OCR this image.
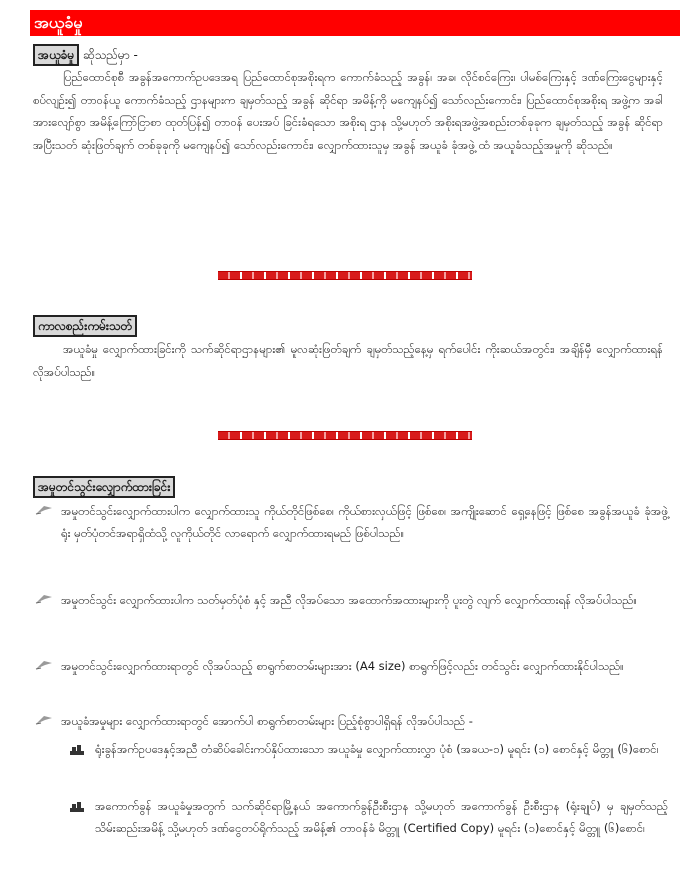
အယူခံမှု
အယူခံမှု ဆိုသည်မှာ -
ပြည်ထောင်စုစီ အခွန်အကောက်ဥပဒေအရ ပြည်ထောင်စုအစိုးရက ကောက်ခံသည့် အခွန်၊ အခ၊ လိုင်စင်ကြေး၊ ပါမစ်ကြေးနှင့် ဒဏ်ကြေးငွေများနှင့် စပ်လျဉ်း၍ တာဝန်ယူ ကောက်ခံသည့် ဌာနများက ချမှတ်သည့် အခွန် ဆိုင်ရာ အမိန့်ကို မကျေနပ်၍ သော်လည်းကောင်း၊ ပြည်ထောင်စုအစိုးရ အဖွဲ့က အခါအားလျော်စွာ အမိန့်ကြော်ငြာစာ ထုတ်ပြန်၍ တာဝန် ပေးအပ် ခြင်းခံရသော အစိုးရ ဌာန သို့မဟုတ် အစိုးရအဖွဲ့အစည်းတစ်ခုခုက ချမှတ်သည့် အခွန် ဆိုင်ရာ အပြီးသတ် ဆုံးဖြတ်ချက် တစ်ခုခုကို မကျေနပ်၍ သော်လည်းကောင်း၊ လျှောက်ထားသူမှ အခွန် အယူခံ ခုံအဖွဲ့ ထံ အယူခံသည့်အမှုကို ဆိုသည်။
ကာလစည်းကမ်းသတ်
အယူခံမှု လျှောက်ထားခြင်းကို သက်ဆိုင်ရာဌာနများ၏ မူလဆုံးဖြတ်ချက် ချမှတ်သည့်နေ့မှ ရက်ပေါင်း ကိုးဆယ်အတွင်း၊ အချိန်မှီ လျှောက်ထားရန် လိုအပ်ပါသည်။
အမှုတင်သွင်းလျှောက်ထားခြင်း
အမှုတင်သွင်းလျှောက်ထားပါက လျှောက်ထားသူ ကိုယ်တိုင်ဖြစ်စေ၊ ကိုယ်စားလှယ်ဖြင့် ဖြစ်စေ၊ အကျိုးဆောင် ရှေ့နေဖြင့် ဖြစ်စေ အခွန်အယူခံ ခုံအဖွဲ့ရုံး မှတ်ပုံတင်အရာရှိထံသို့ လူကိုယ်တိုင် လာရောက် လျှောက်ထားရမည် ဖြစ်ပါသည်။
အမှုတင်သွင်း လျှောက်ထားပါက သတ်မှတ်ပုံစံ နှင့် အညီ လိုအပ်သော အထောက်အထားများကို ပူးတွဲ လျက် လျှောက်ထားရန် လိုအပ်ပါသည်။
အမှုတင်သွင်းလျှောက်ထားရာတွင် လိုအပ်သည့် စာရွက်စာတမ်းများအား (A4 size) စာရွက်ဖြင့်လည်း တင်သွင်း လျှောက်ထားနိုင်ပါသည်။
အယူခံအမှုများ လျှောက်ထားရာတွင် အောက်ပါ စာရွက်စာတမ်းများ ပြည့်စုံစွာပါရှိရန် လိုအပ်ပါသည် -
ရုံးခွန်အက်ဥပဒေနှင့်အညီ တံဆိပ်ခေါင်းကပ်နှိပ်ထားသော အယူခံမှု လျှောက်ထားလွှာ ပုံစံ (အခယ-၁) မူရင်း (၁) စောင်နှင့် မိတ္တူ (၆)စောင်၊
အကောက်ခွန် အယူခံမှုအတွက် သက်ဆိုင်ရာမြို့နယ် အကောက်ခွန်ဦးစီးဌာန သို့မဟုတ် အကောက်ခွန် ဦးစီးဌာန (ရုံးချုပ်) မှ ချမှတ်သည့် သိမ်းဆည်းအမိန့် သို့မဟုတ် ဒဏ်ငွေတပ်ရိုက်သည့် အမိန့်၏ တာဝန်ခံ မိတ္တူ (Certified Copy) မူရင်း (၁)စောင်နှင့် မိတ္တူ (၆)စောင်၊
